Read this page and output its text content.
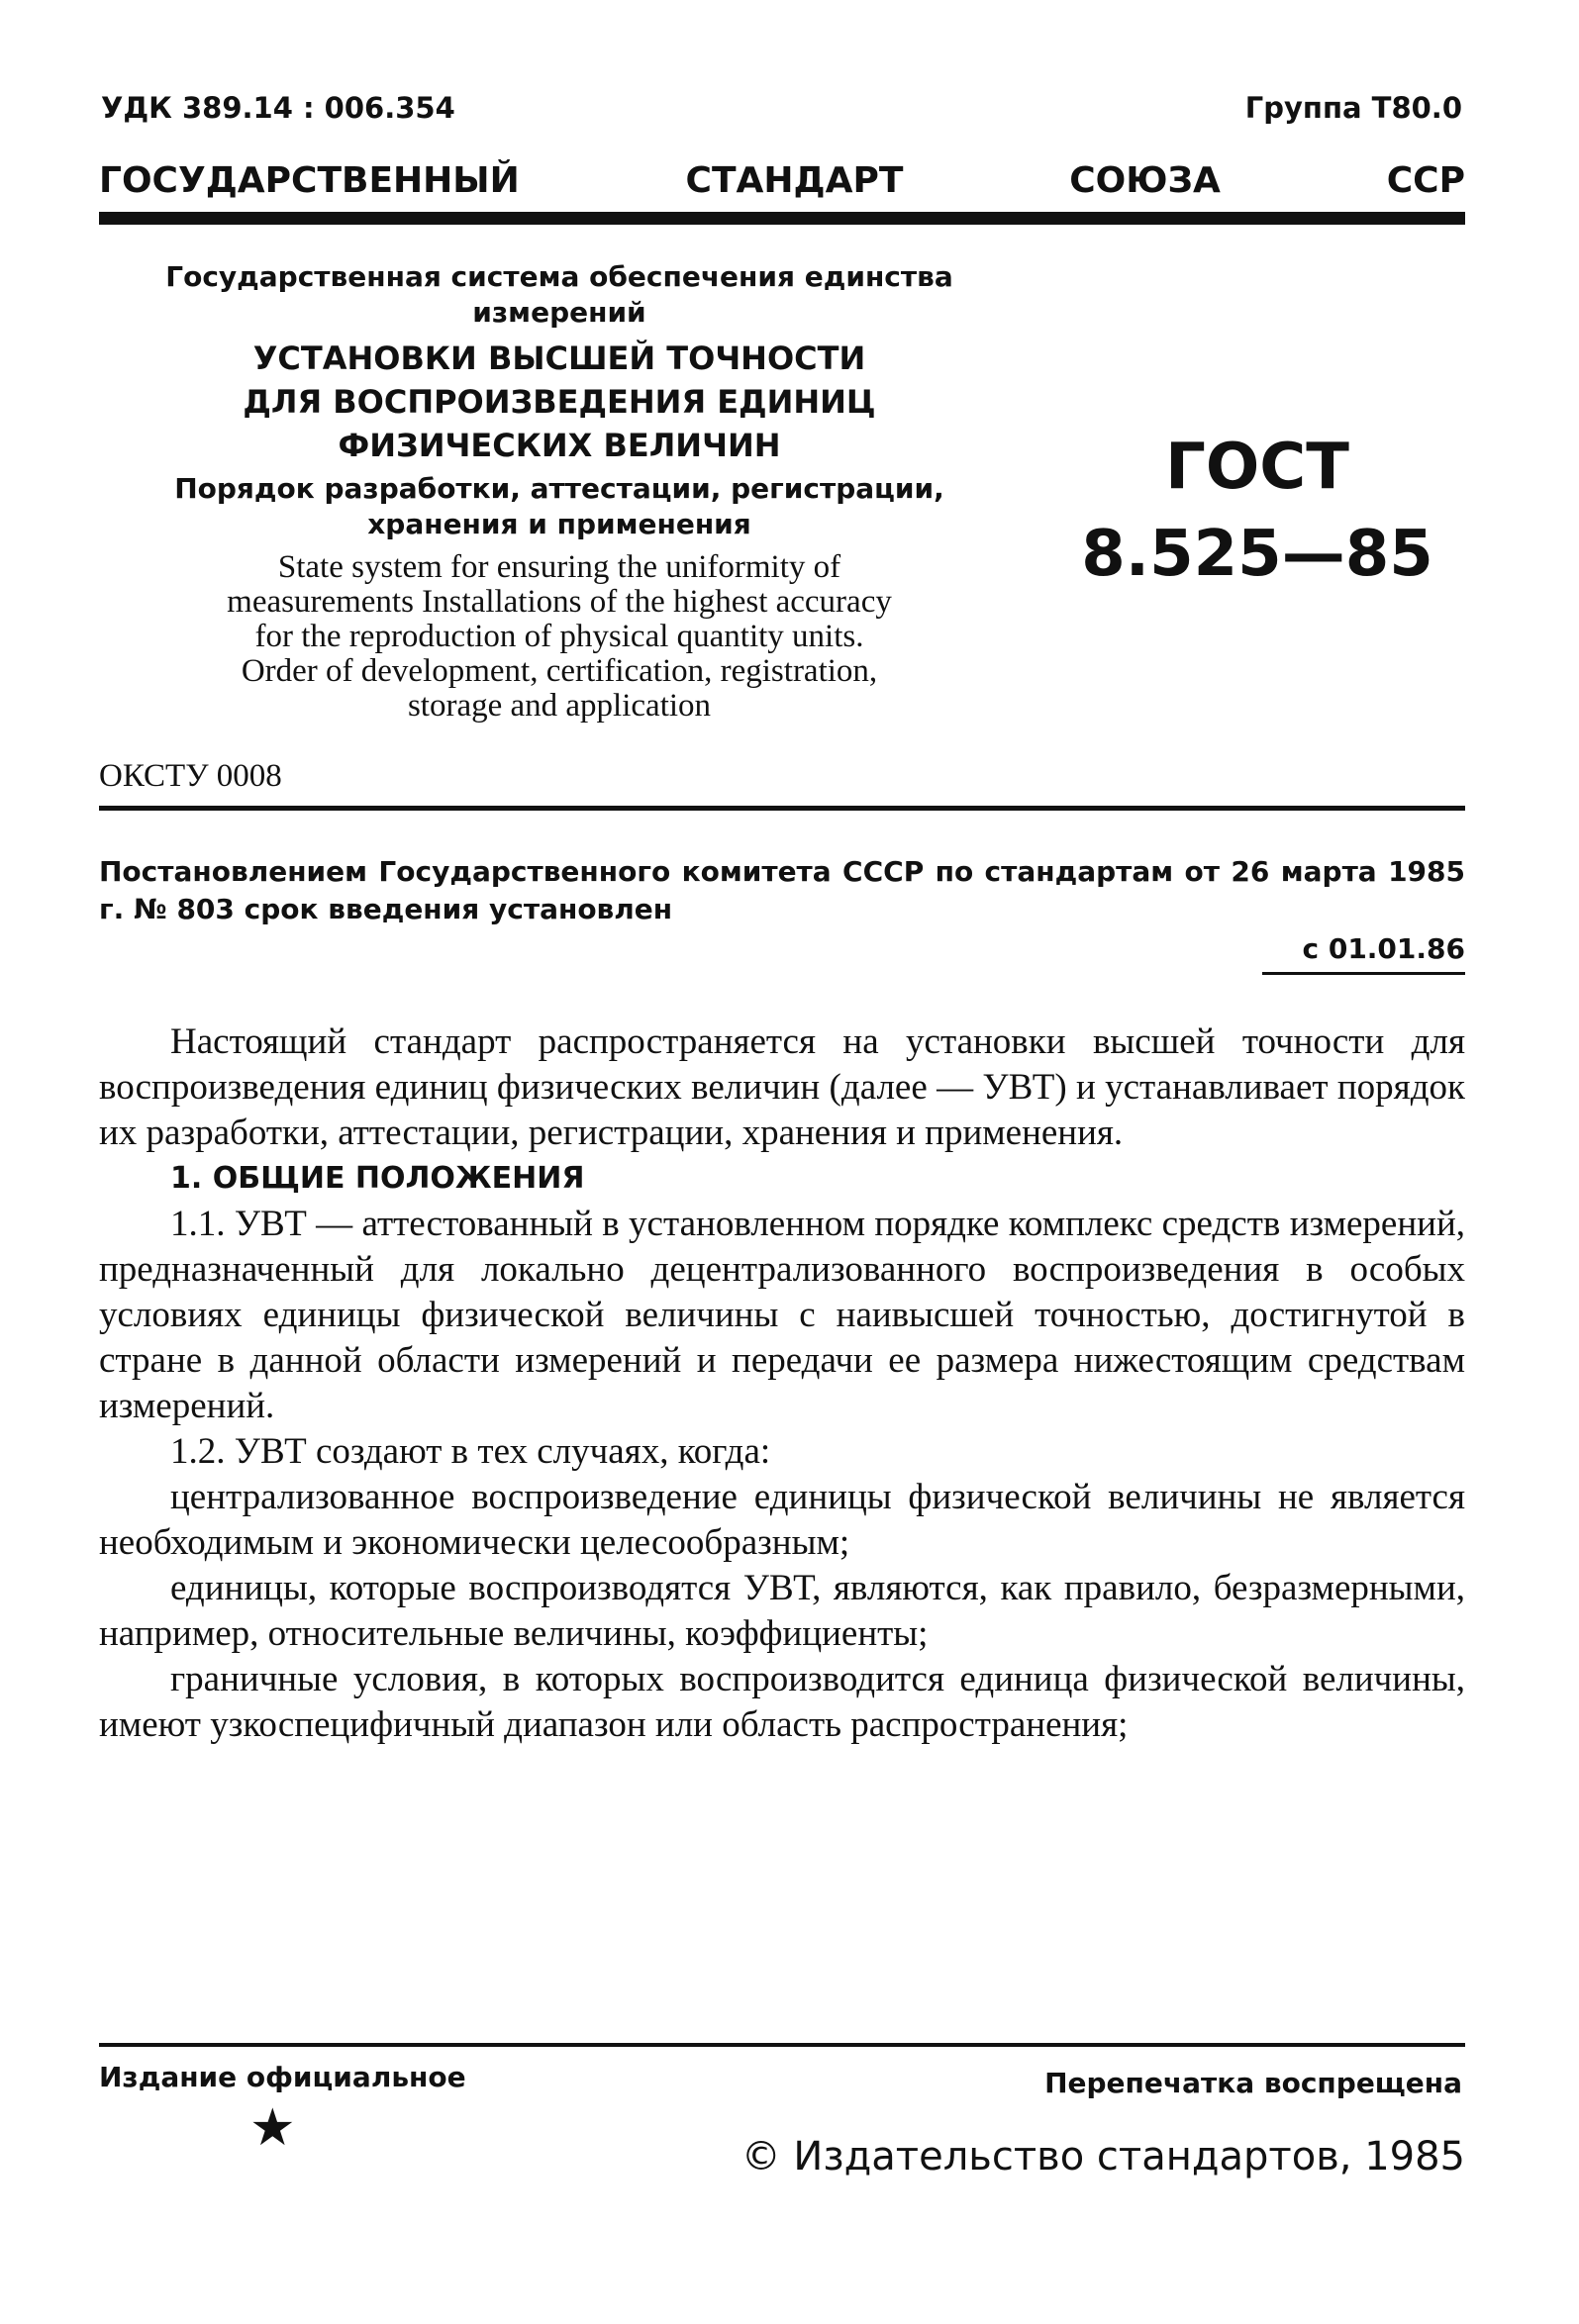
УДК 389.14 : 006.354	Группа Т80.0
ГОСУДАРСТВЕННЫЙ	СТАНДАРТ	СОЮЗА	ССР
Государственная система обеспечения единства измерений
УСТАНОВКИ ВЫСШЕЙ ТОЧНОСТИ
ДЛЯ ВОСПРОИЗВЕДЕНИЯ ЕДИНИЦ
ФИЗИЧЕСКИХ ВЕЛИЧИН
Порядок разработки, аттестации, регистрации,
хранения и применения
State system for ensuring the uniformity of
measurements Installations of the highest accuracy
for the reproduction of physical quantity units.
Order of development, certification, registration,
storage and application
ГОСТ
8.525—85
ОКСТУ 0008
Постановлением Государственного комитета СССР по стандартам от 26 марта 1985 г. № 803 срок введения установлен
с 01.01.86

Настоящий стандарт распространяется на установки высшей точности для воспроизведения единиц физических величин (далее — УВТ) и устанавливает порядок их разработки, аттестации, регистрации, хранения и применения.

1. ОБЩИЕ ПОЛОЖЕНИЯ

1.1. УВТ — аттестованный в установленном порядке комплекс средств измерений, предназначенный для локально децентрализованного воспроизведения в особых условиях единицы физической величины с наивысшей точностью, достигнутой в стране в данной области измерений и передачи ее размера нижестоящим средствам измерений.

1.2. УВТ создают в тех случаях, когда:

централизованное воспроизведение единицы физической величины не является необходимым и экономически целесообразным;

единицы, которые воспроизводятся УВТ, являются, как правило, безразмерными, например, относительные величины, коэффициенты;

граничные условия, в которых воспроизводится единица физической величины, имеют узкоспецифичный диапазон или область распространения;

Издание официальное	Перепечатка воспрещена
★	© Издательство стандартов, 1985
